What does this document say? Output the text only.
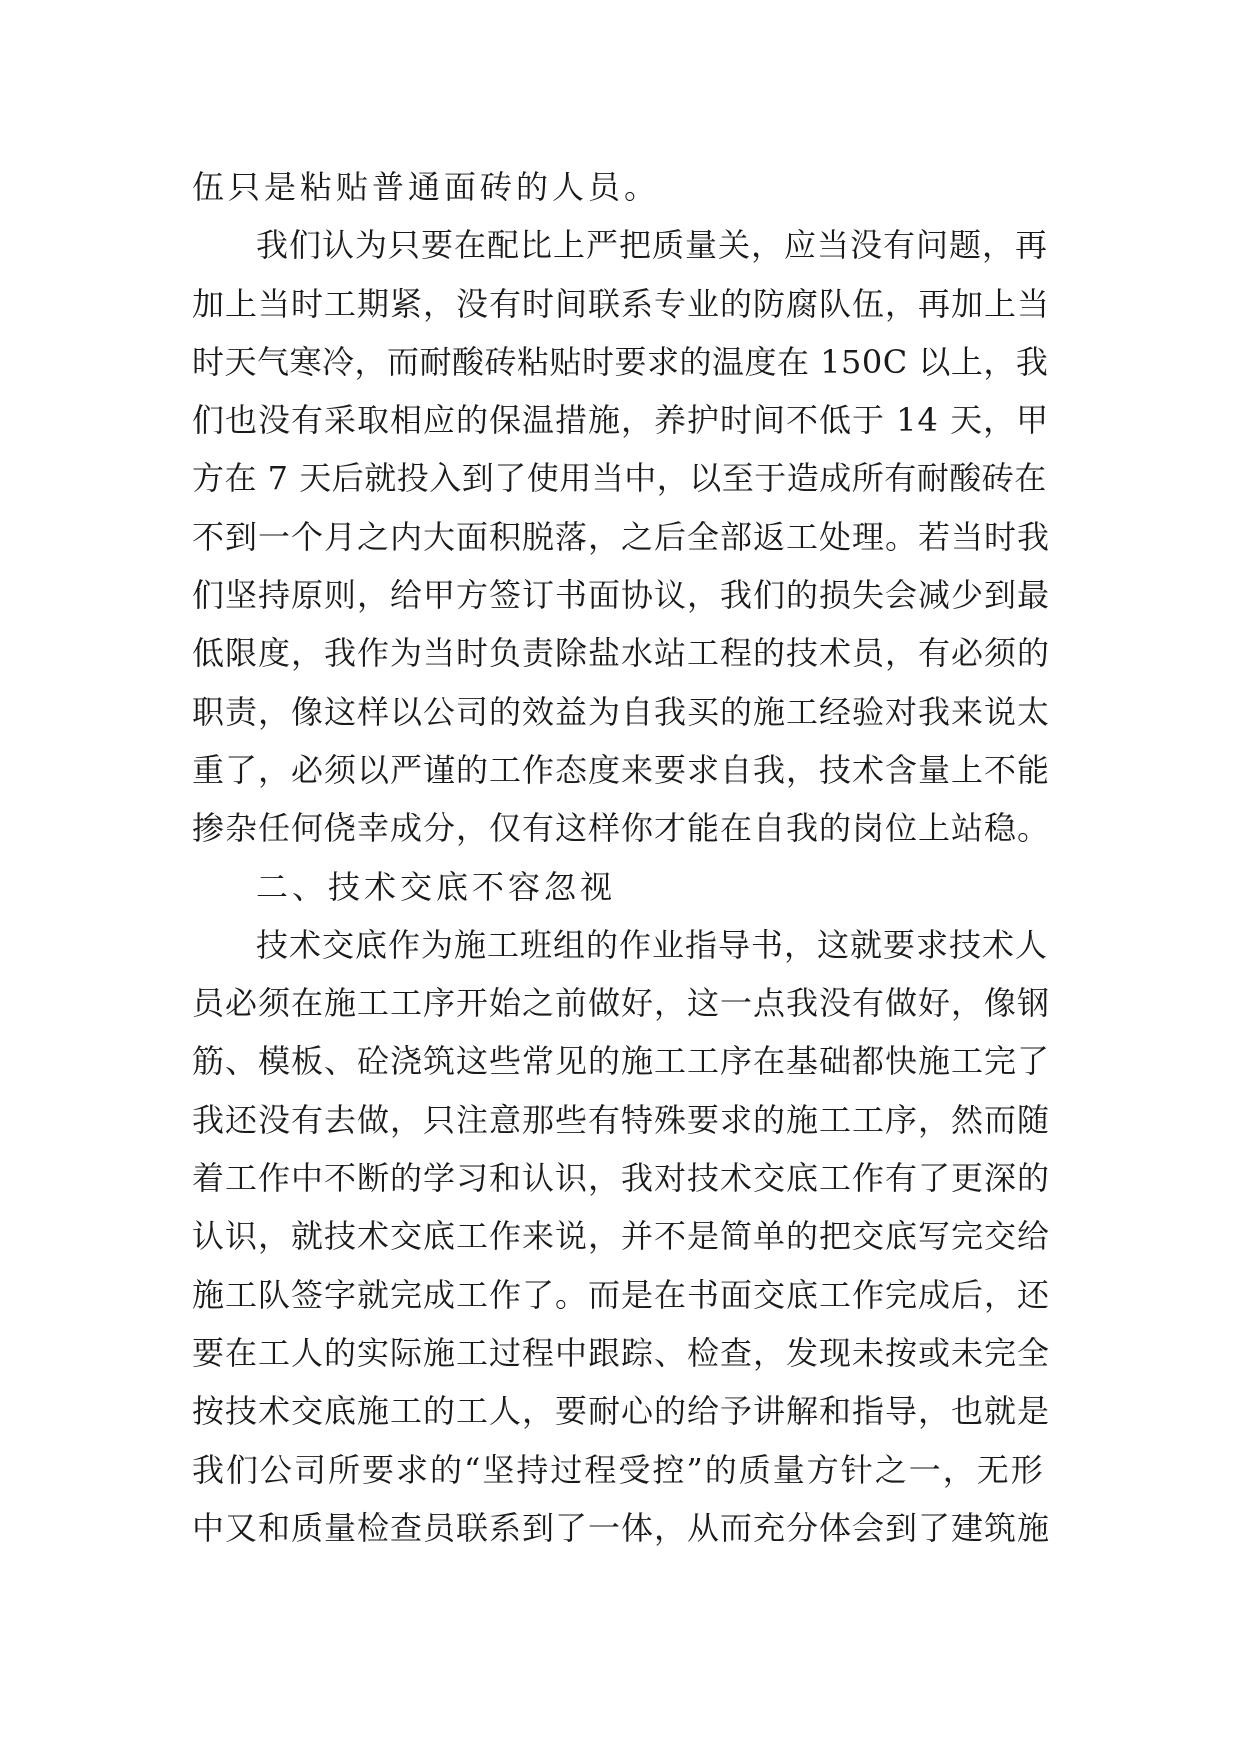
伍只是粘贴普通面砖的人员。
我们认为只要在配比上严把质量关，应当没有问题，再
加上当时工期紧，没有时间联系专业的防腐队伍，再加上当
时天气寒冷，而耐酸砖粘贴时要求的温度在 150C 以上，我
们也没有采取相应的保温措施，养护时间不低于 14 天，甲
方在 7 天后就投入到了使用当中，以至于造成所有耐酸砖在
不到一个月之内大面积脱落，之后全部返工处理。若当时我
们坚持原则，给甲方签订书面协议，我们的损失会减少到最
低限度，我作为当时负责除盐水站工程的技术员，有必须的
职责，像这样以公司的效益为自我买的施工经验对我来说太
重了，必须以严谨的工作态度来要求自我，技术含量上不能
掺杂任何侥幸成分，仅有这样你才能在自我的岗位上站稳。
二、技术交底不容忽视
技术交底作为施工班组的作业指导书，这就要求技术人
员必须在施工工序开始之前做好，这一点我没有做好，像钢
筋、模板、砼浇筑这些常见的施工工序在基础都快施工完了
我还没有去做，只注意那些有特殊要求的施工工序，然而随
着工作中不断的学习和认识，我对技术交底工作有了更深的
认识，就技术交底工作来说，并不是简单的把交底写完交给
施工队签字就完成工作了。而是在书面交底工作完成后，还
要在工人的实际施工过程中跟踪、检查，发现未按或未完全
按技术交底施工的工人，要耐心的给予讲解和指导，也就是
我们公司所要求的“坚持过程受控”的质量方针之一，无形
中又和质量检查员联系到了一体，从而充分体会到了建筑施
